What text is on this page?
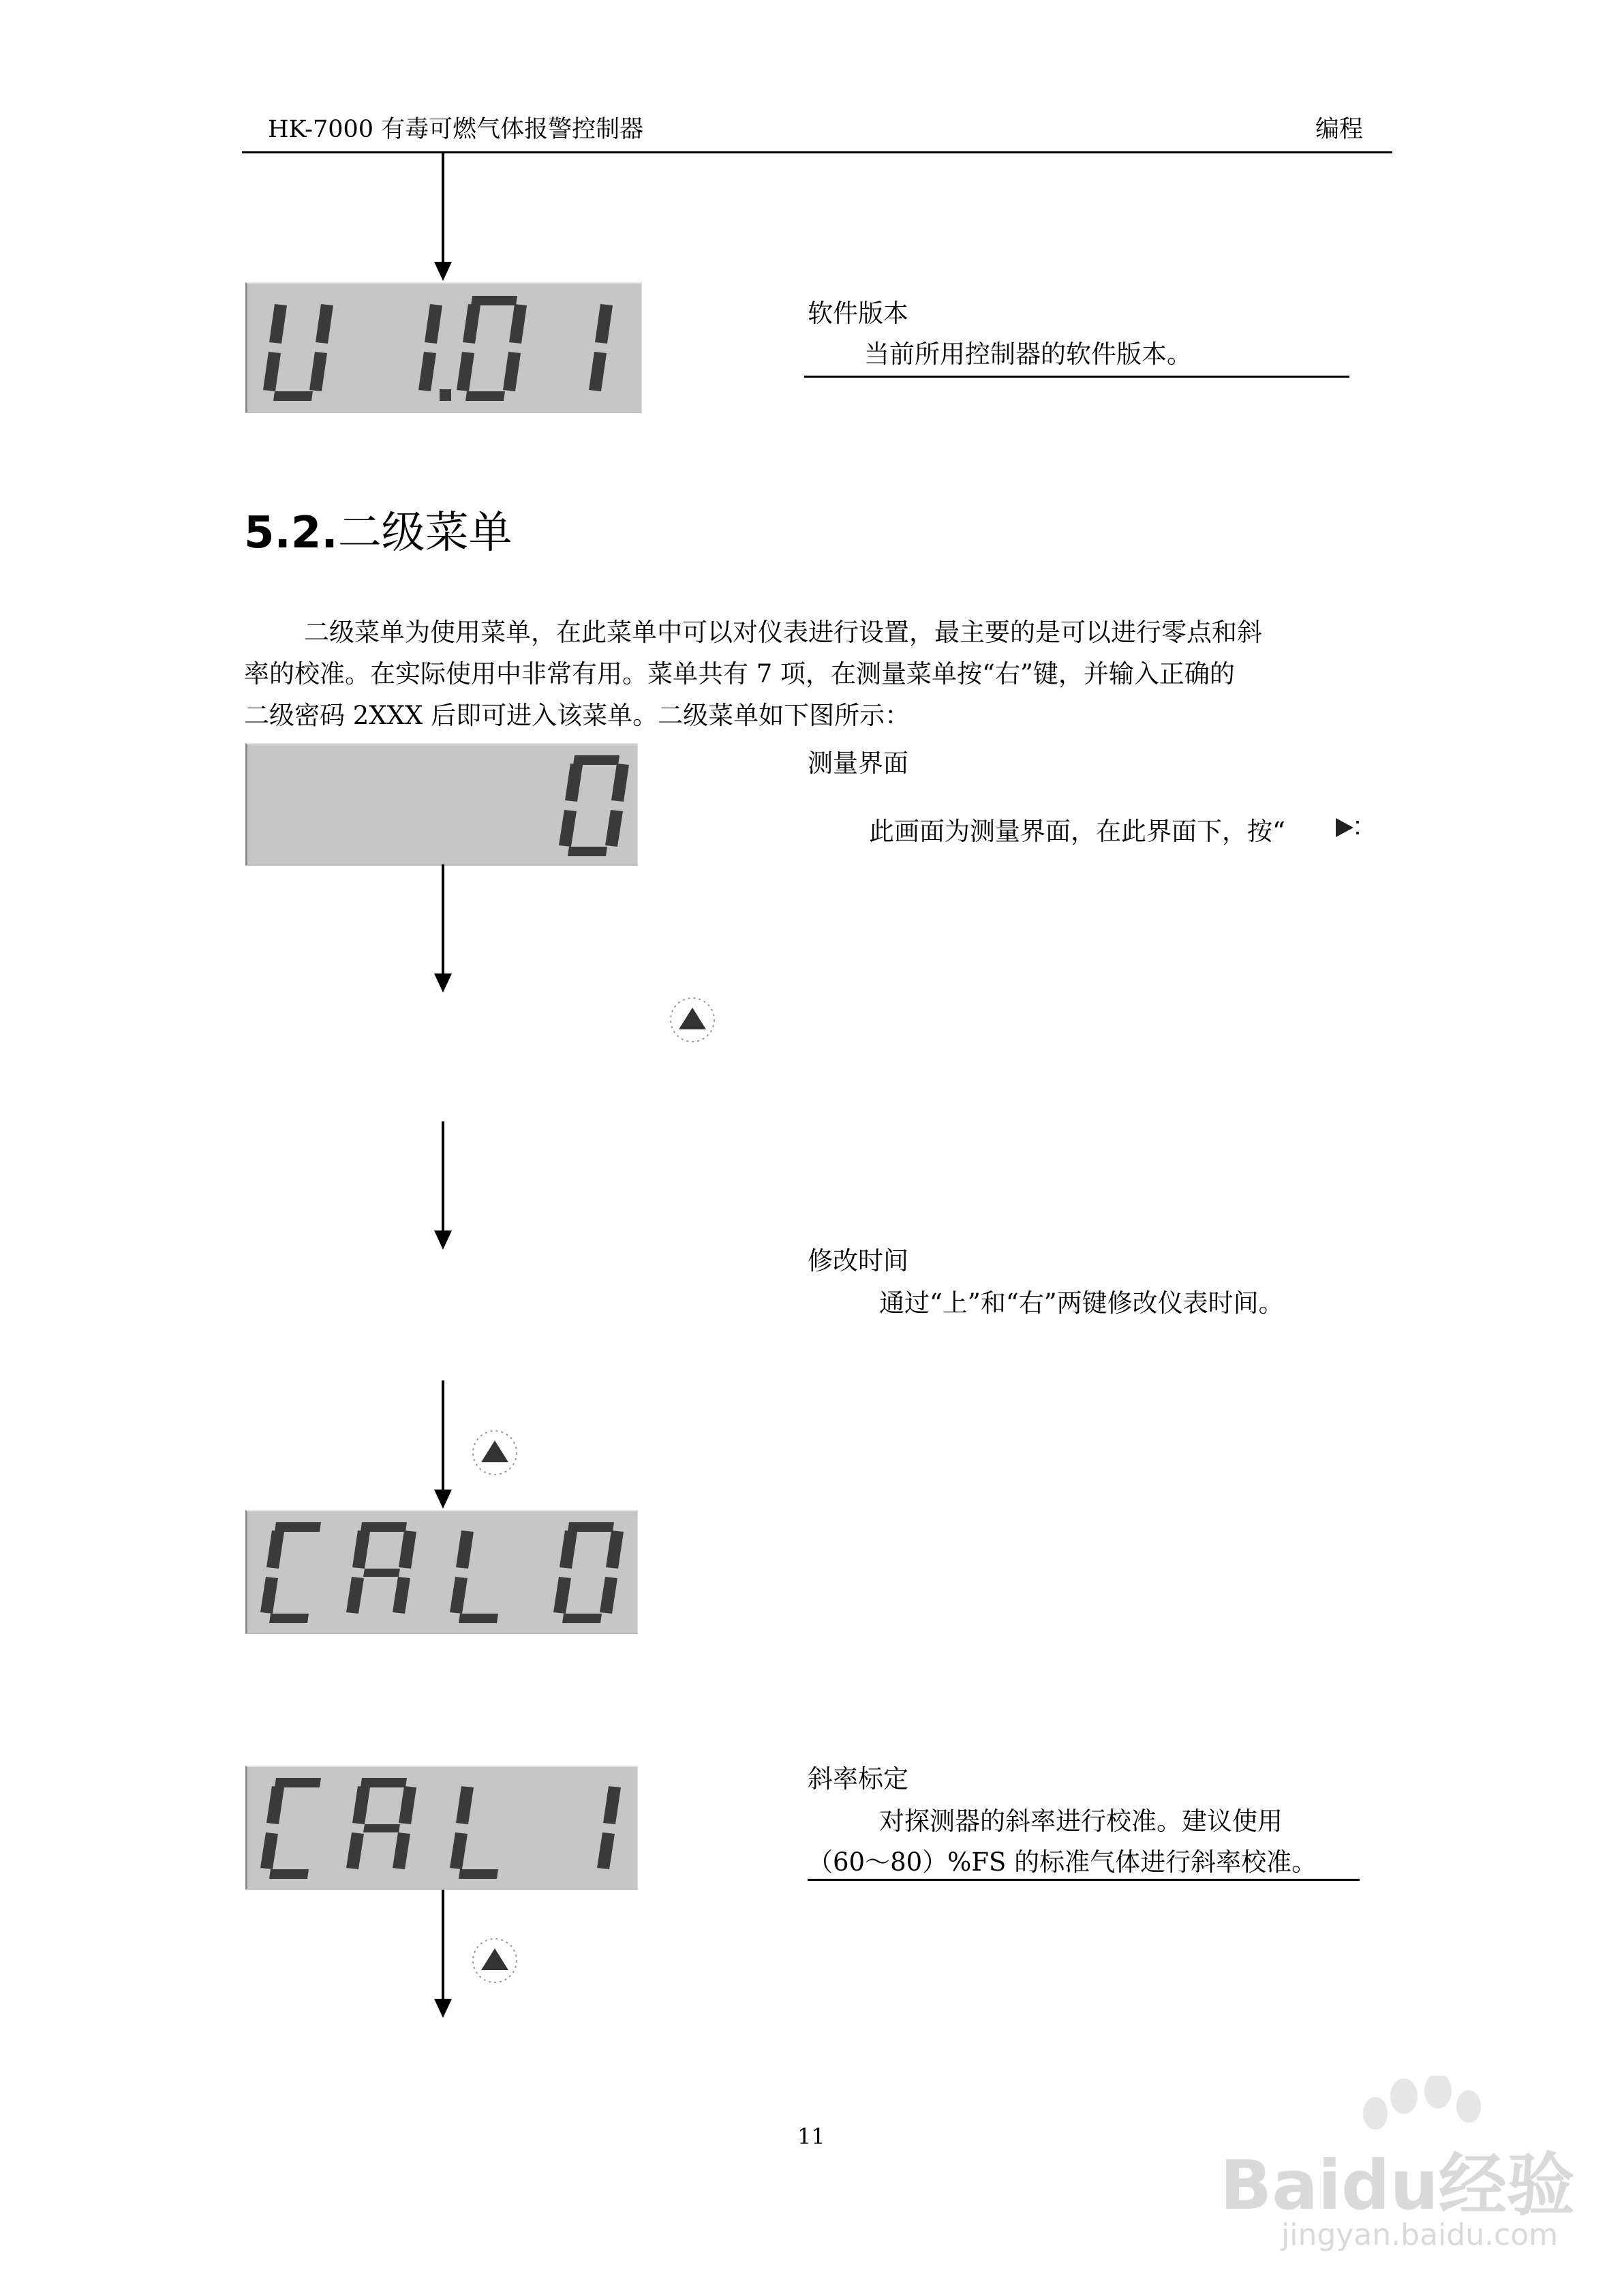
HK-7000 有毒可燃气体报警控制器	编程
软件版本
当前所用控制器的软件版本。
5.2.二级菜单

二级菜单为使用菜单，在此菜单中可以对仪表进行设置，最主要的是可以进行零点和斜

率的校准。在实际使用中非常有用。菜单共有 7 项，在测量菜单按“右”键，并输入正确的

二级密码 2XXX 后即可进入该菜单。二级菜单如下图所示：

测量界面
此画面为测量界面，在此界面下，按“
修改时间
通过“上”和“右”两键修改仪表时间。
斜率标定
对探测器的斜率进行校准。建议使用
（60～80）%FS 的标准气体进行斜率校准。
11
Baidu经验
jingyan.baidu.com
